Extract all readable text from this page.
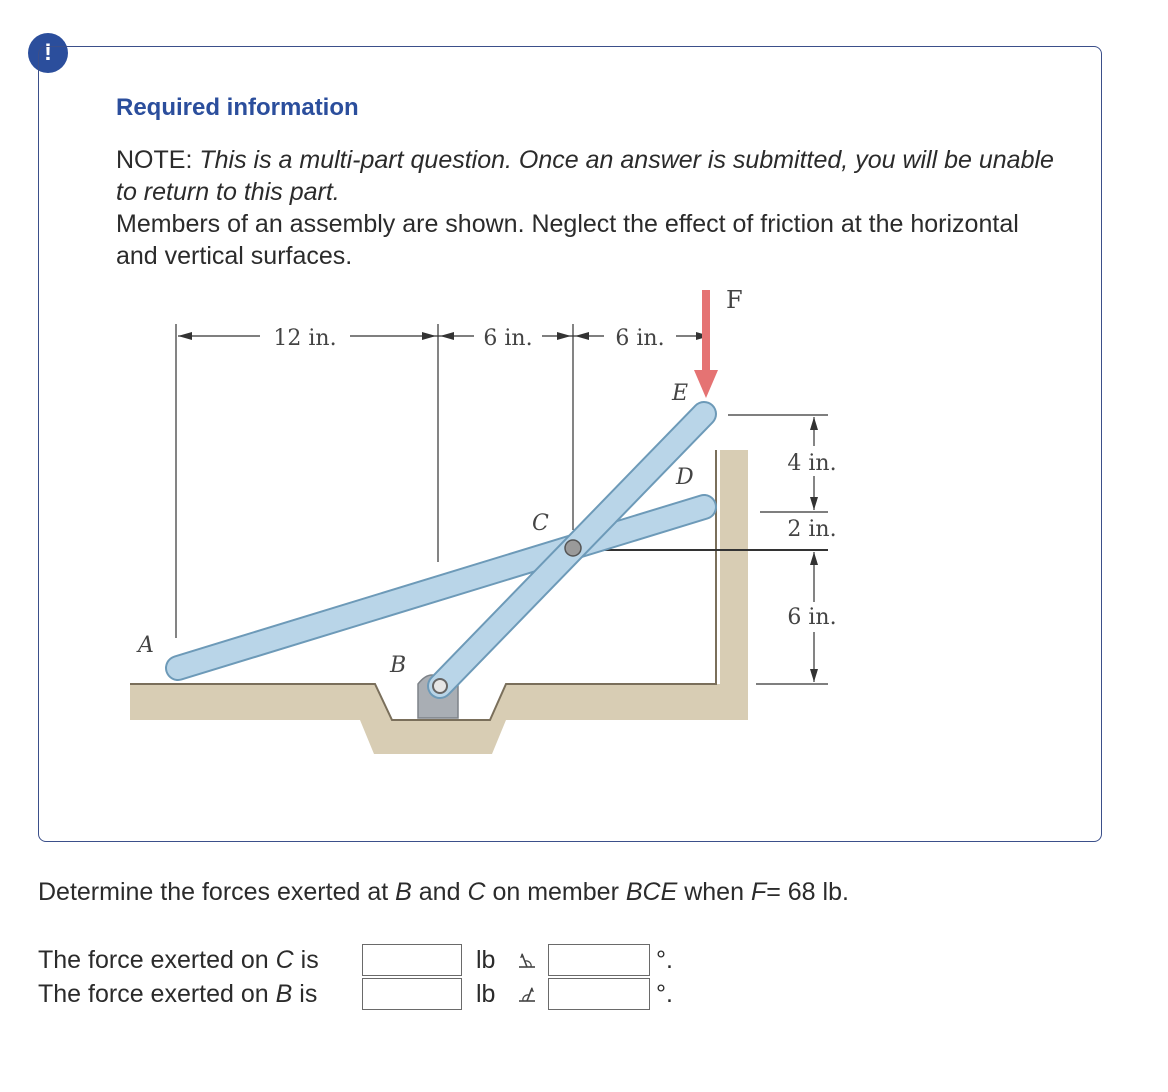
!
Required information

NOTE: This is a multi-part question. Once an answer is submitted, you will be unable to return to this part.

Members of an assembly are shown. Neglect the effect of friction at the horizontal and vertical surfaces.

12 in.	6 in.	6 in.
4 in.
2 in.
6 in.
A
B
C
D
E
F
Determine the forces exerted at B and C on member BCE when F= 68 lb.
The force exerted on C is	lb	°.
The force exerted on B is	lb	°.
